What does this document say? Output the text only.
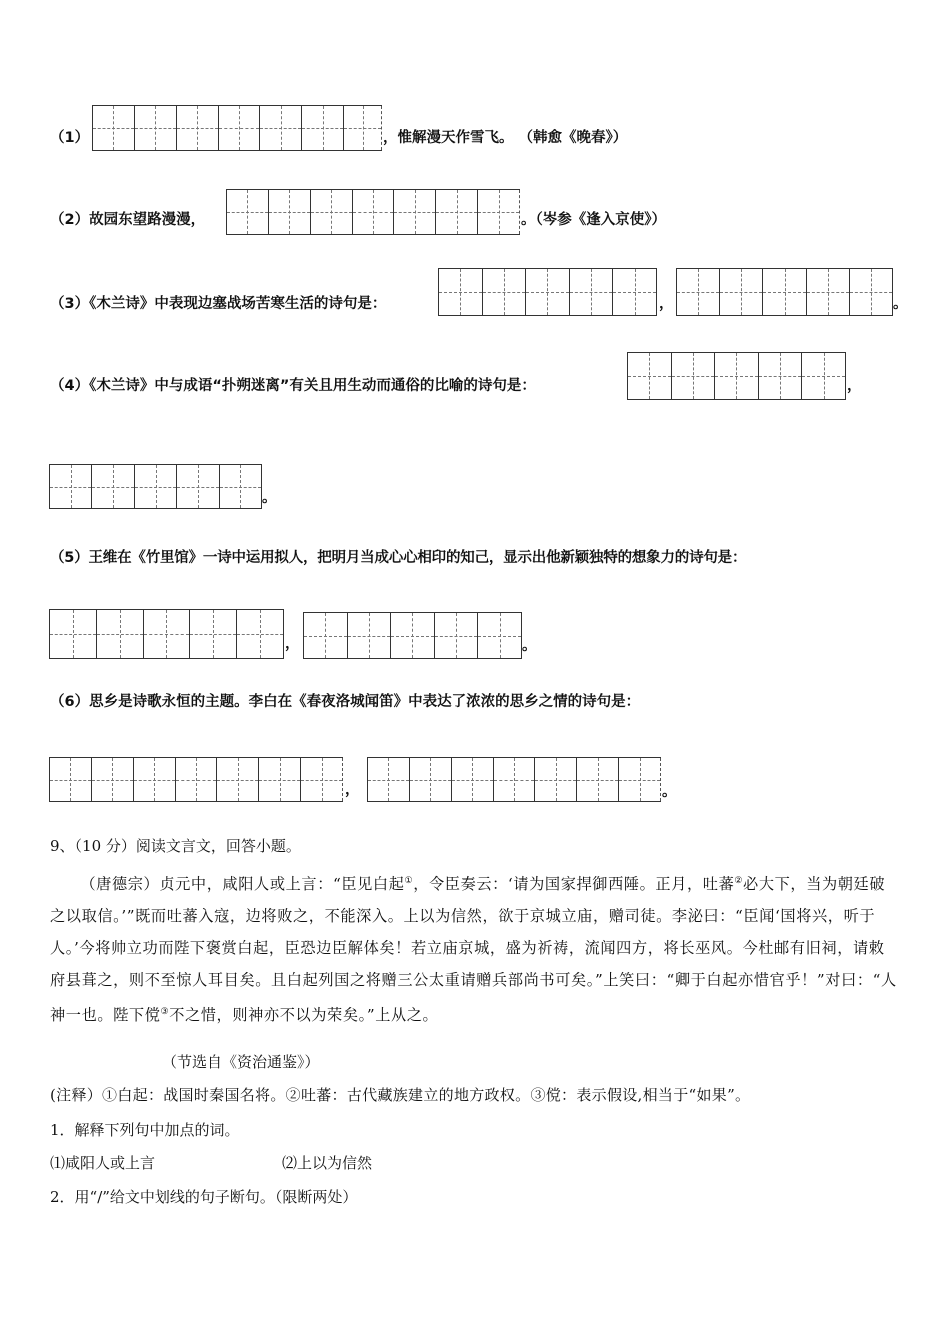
（1）	，惟解漫天作雪飞。 （韩愈《晚春》）
（2）故园东望路漫漫，	。（岑参《逢入京使》）
（3）《木兰诗》中表现边塞战场苦寒生活的诗句是：	，	。
（4）《木兰诗》中与成语“扑朔迷离”有关且用生动而通俗的比喻的诗句是：	，
。
（5）王维在《竹里馆》一诗中运用拟人，把明月当成心心相印的知己，显示出他新颖独特的想象力的诗句是：
，	。
（6）思乡是诗歌永恒的主题。李白在《春夜洛城闻笛》中表达了浓浓的思乡之情的诗句是：
，	。
9、（10 分）阅读文言文，回答小题。
（唐德宗）贞元中，咸阳人或上言：“臣见白起①，令臣奏云：‘请为国家捍御西陲。正月，吐蕃②必大下，当为朝廷破之以取信。’”既而吐蕃入寇，边将败之，不能深入。上以为信然，欲于京城立庙，赠司徒。李泌曰：“臣闻‘国将兴，听于人。’今将帅立功而陛下褒赏白起，臣恐边臣解体矣！若立庙京城，盛为祈祷，流闻四方，将长巫风。今杜邮有旧祠，请敕府县葺之，则不至惊人耳目矣。且白起列国之将赠三公太重请赠兵部尚书可矣。”上笑曰：“卿于白起亦惜官乎！”对曰：“人神一也。陛下傥③不之惜，则神亦不以为荣矣。”上从之。
（节选自《资治通鉴》）
(注释）①白起：战国时秦国名将。②吐蕃：古代藏族建立的地方政权。③傥：表示假设,相当于“如果”。
1．解释下列句中加点的词。
⑴咸阳人或上言	⑵上以为信然
2．用“/”给文中划线的句子断句。（限断两处）
